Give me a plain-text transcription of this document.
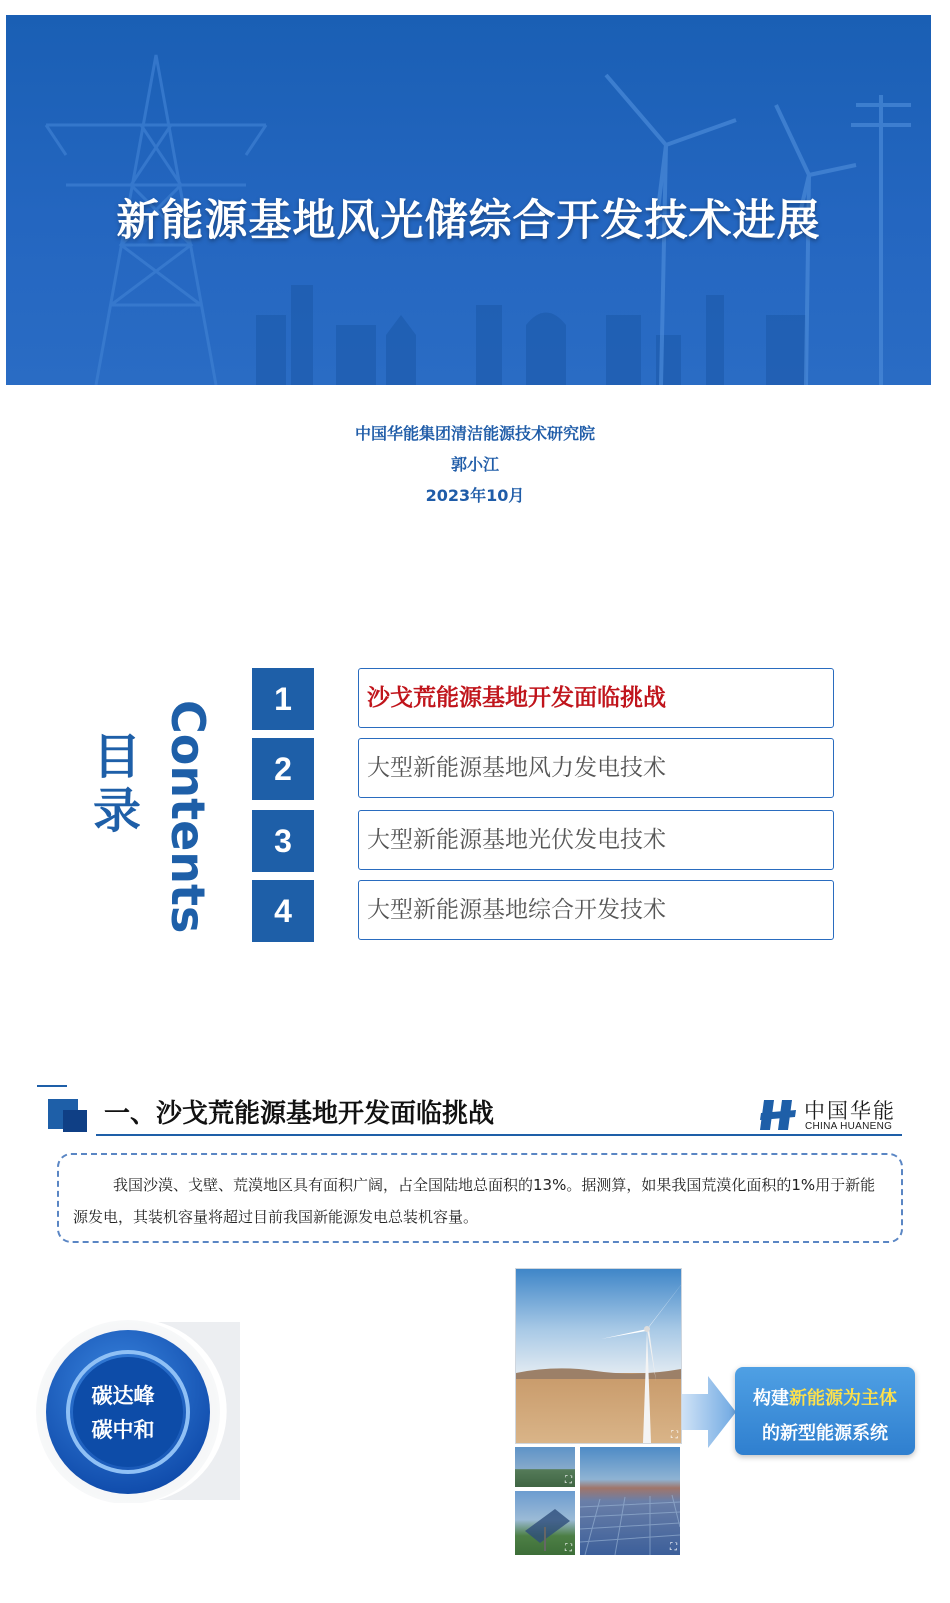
新能源基地风光储综合开发技术进展
中国华能集团清洁能源技术研究院
郭小江
2023年10月
目录 Contents
1	沙戈荒能源基地开发面临挑战
2	大型新能源基地风力发电技术
3	大型新能源基地光伏发电技术
4	大型新能源基地综合开发技术
一、沙戈荒能源基地开发面临挑战	中国华能
CHINA HUANENG
我国沙漠、戈壁、荒漠地区具有面积广阔，占全国陆地总面积的13%。据测算，如果我国荒漠化面积的1%用于新能源发电，其装机容量将超过目前我国新能源发电总装机容量。
碳达峰
碳中和	⛶
⛶
⛶
⛶
构建新能源为主体
的新型能源系统
